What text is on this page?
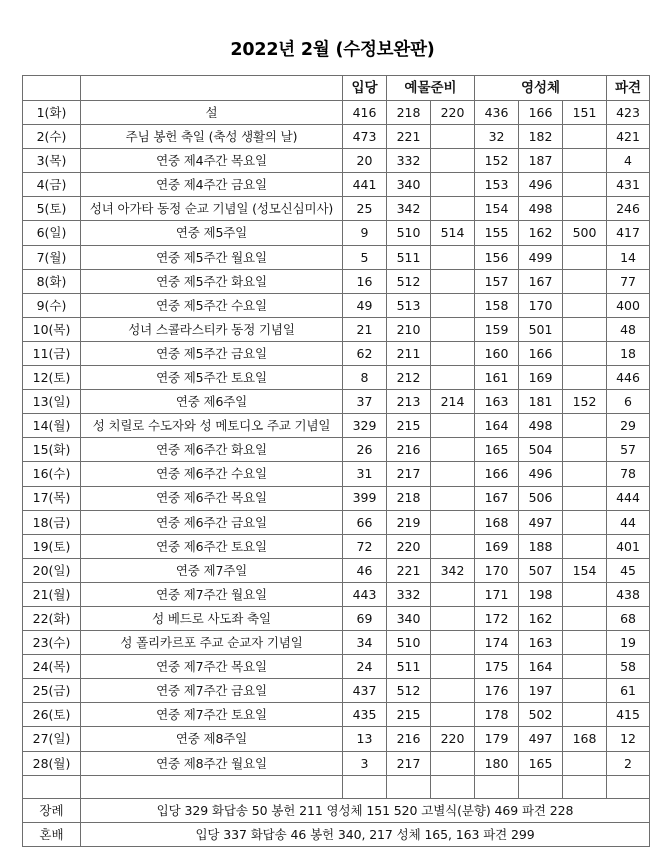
2022년 2월 (수정보완판)
		입당	예물준비		영성체			파견
1(화)	설	416	218	220	436	166	151	423
2(수)	주님 봉헌 축일 (축성 생활의 날)	473	221		32	182		421
3(목)	연중 제4주간 목요일	20	332		152	187		4
4(금)	연중 제4주간 금요일	441	340		153	496		431
5(토)	성녀 아가타 동정 순교 기념일 (성모신심미사)	25	342		154	498		246
6(일)	연중 제5주일	9	510	514	155	162	500	417
7(월)	연중 제5주간 월요일	5	511		156	499		14
8(화)	연중 제5주간 화요일	16	512		157	167		77
9(수)	연중 제5주간 수요일	49	513		158	170		400
10(목)	성녀 스콜라스티카 동정 기념일	21	210		159	501		48
11(금)	연중 제5주간 금요일	62	211		160	166		18
12(토)	연중 제5주간 토요일	8	212		161	169		446
13(일)	연중 제6주일	37	213	214	163	181	152	6
14(월)	성 치릴로 수도자와 성 메토디오 주교 기념일	329	215		164	498		29
15(화)	연중 제6주간 화요일	26	216		165	504		57
16(수)	연중 제6주간 수요일	31	217		166	496		78
17(목)	연중 제6주간 목요일	399	218		167	506		444
18(금)	연중 제6주간 금요일	66	219		168	497		44
19(토)	연중 제6주간 토요일	72	220		169	188		401
20(일)	연중 제7주일	46	221	342	170	507	154	45
21(월)	연중 제7주간 월요일	443	332		171	198		438
22(화)	성 베드로 사도좌 축일	69	340		172	162		68
23(수)	성 폴리카르포 주교 순교자 기념일	34	510		174	163		19
24(목)	연중 제7주간 목요일	24	511		175	164		58
25(금)	연중 제7주간 금요일	437	512		176	197		61
26(토)	연중 제7주간 토요일	435	215		178	502		415
27(일)	연중 제8주일	13	216	220	179	497	168	12
28(월)	연중 제8주간 월요일	3	217		180	165		2

장례	입당 329 화답송 50 봉헌 211 영성체 151 520 고별식(분향) 469 파견 228							
혼배	입당 337 화답송 46 봉헌 340, 217 성체 165, 163 파견 299							
